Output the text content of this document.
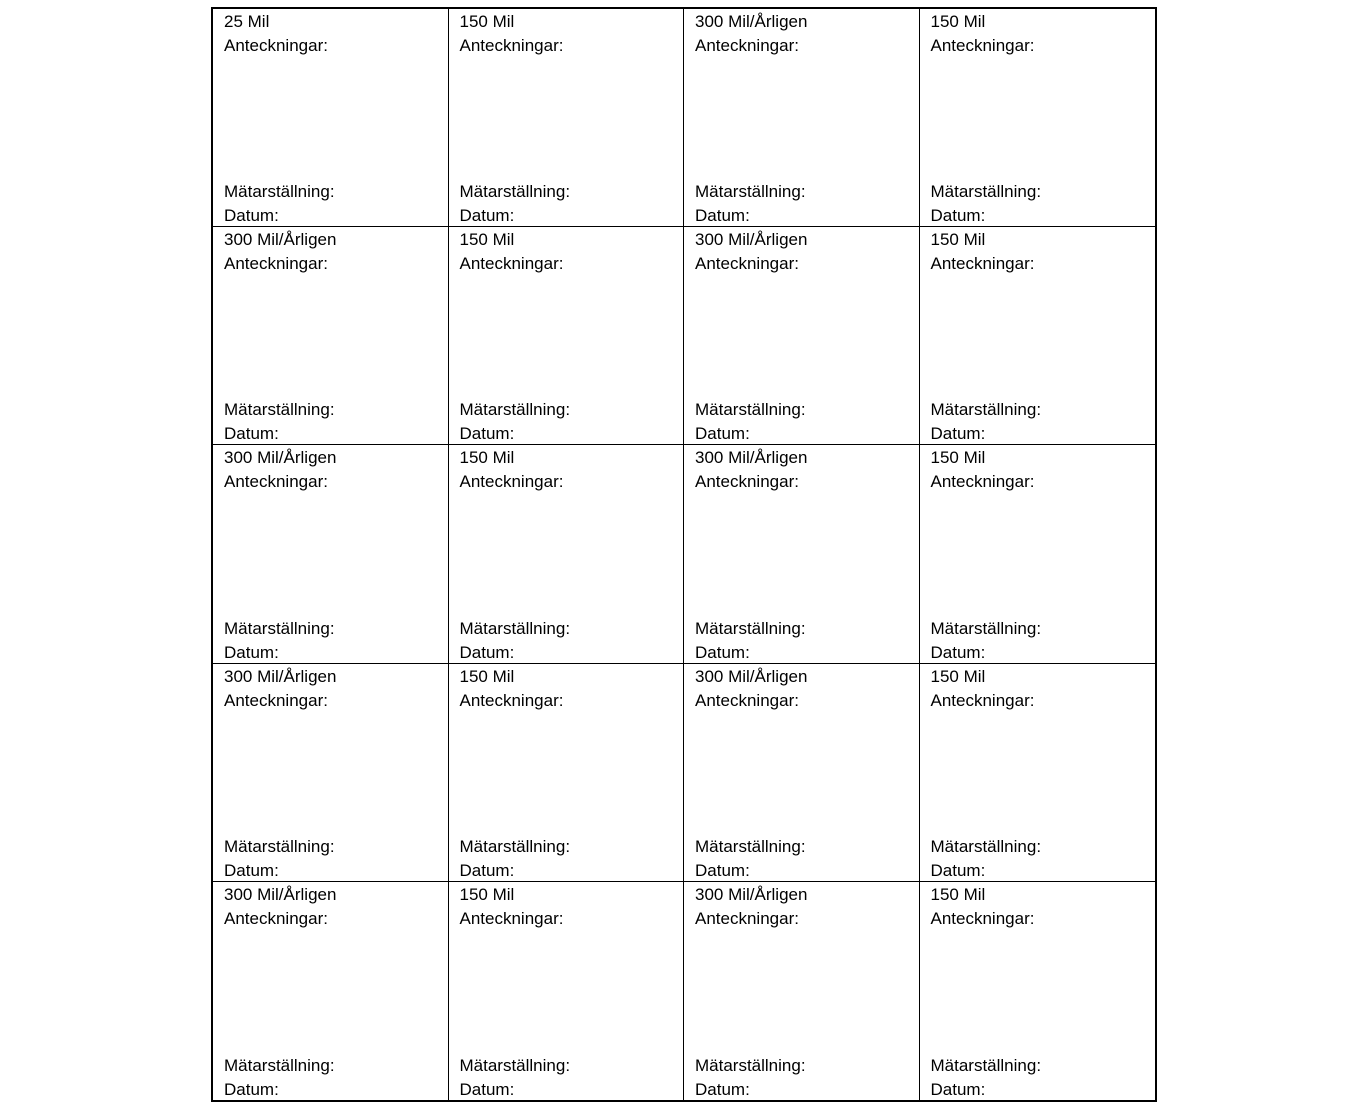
25 Mil
Anteckningar:
Mätarställning:
Datum:
150 Mil
Anteckningar:
Mätarställning:
Datum:
300 Mil/Årligen
Anteckningar:
Mätarställning:
Datum:
150 Mil
Anteckningar:
Mätarställning:
Datum:
300 Mil/Årligen
Anteckningar:
Mätarställning:
Datum:
150 Mil
Anteckningar:
Mätarställning:
Datum:
300 Mil/Årligen
Anteckningar:
Mätarställning:
Datum:
150 Mil
Anteckningar:
Mätarställning:
Datum:
300 Mil/Årligen
Anteckningar:
Mätarställning:
Datum:
150 Mil
Anteckningar:
Mätarställning:
Datum:
300 Mil/Årligen
Anteckningar:
Mätarställning:
Datum:
150 Mil
Anteckningar:
Mätarställning:
Datum:
300 Mil/Årligen
Anteckningar:
Mätarställning:
Datum:
150 Mil
Anteckningar:
Mätarställning:
Datum:
300 Mil/Årligen
Anteckningar:
Mätarställning:
Datum:
150 Mil
Anteckningar:
Mätarställning:
Datum:
300 Mil/Årligen
Anteckningar:
Mätarställning:
Datum:
150 Mil
Anteckningar:
Mätarställning:
Datum:
300 Mil/Årligen
Anteckningar:
Mätarställning:
Datum:
150 Mil
Anteckningar:
Mätarställning:
Datum:
